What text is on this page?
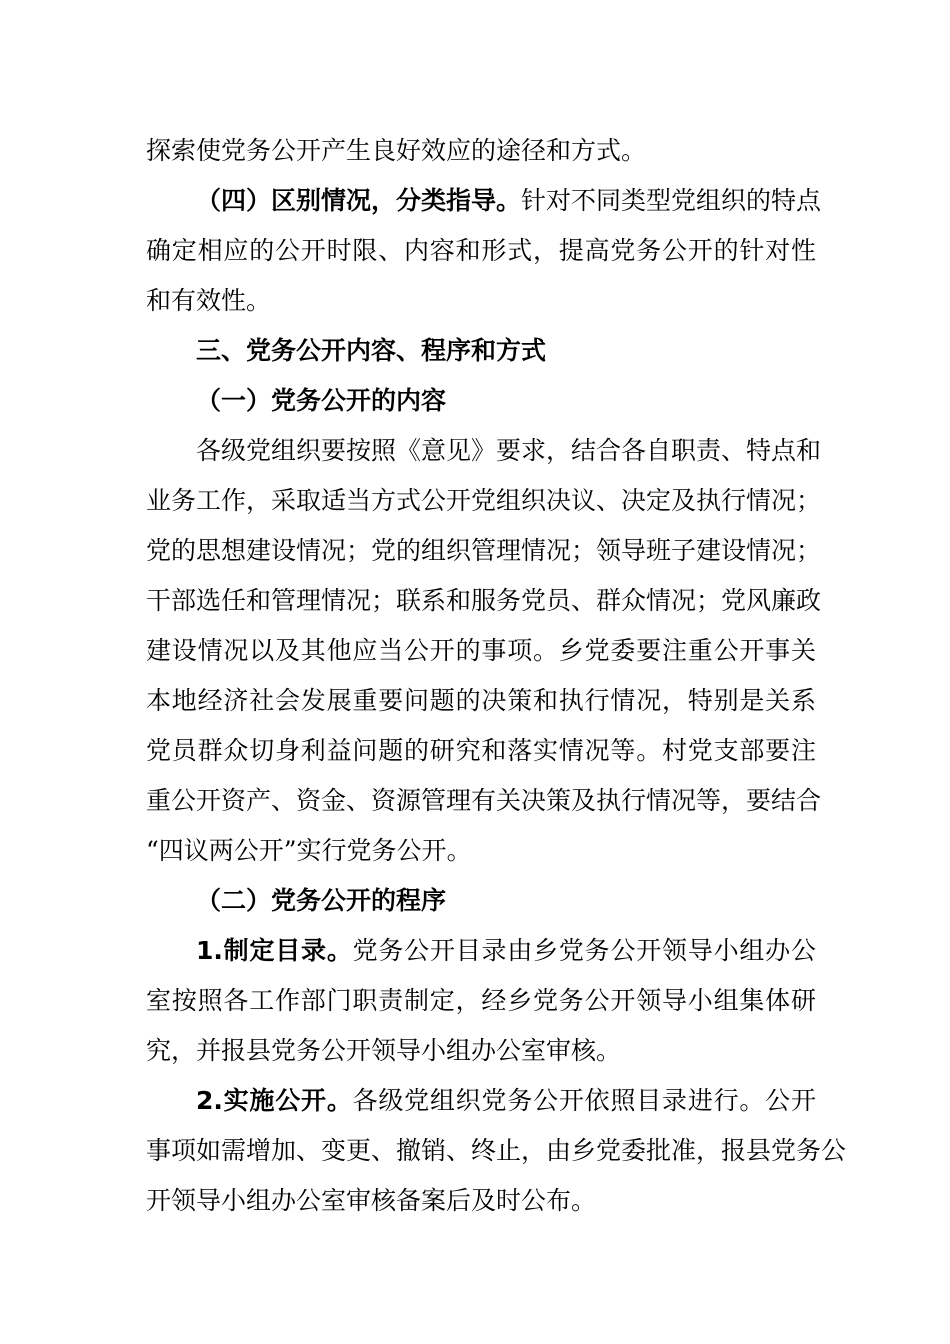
探索使党务公开产生良好效应的途径和方式。
（四）区别情况，分类指导。针对不同类型党组织的特点
确定相应的公开时限、内容和形式，提高党务公开的针对性
和有效性。
三、党务公开内容、程序和方式
（一）党务公开的内容
各级党组织要按照《意见》要求，结合各自职责、特点和
业务工作，采取适当方式公开党组织决议、决定及执行情况；
党的思想建设情况；党的组织管理情况；领导班子建设情况；
干部选任和管理情况；联系和服务党员、群众情况；党风廉政
建设情况以及其他应当公开的事项。乡党委要注重公开事关
本地经济社会发展重要问题的决策和执行情况，特别是关系
党员群众切身利益问题的研究和落实情况等。村党支部要注
重公开资产、资金、资源管理有关决策及执行情况等，要结合
“四议两公开”实行党务公开。
（二）党务公开的程序
1.制定目录。党务公开目录由乡党务公开领导小组办公
室按照各工作部门职责制定，经乡党务公开领导小组集体研
究，并报县党务公开领导小组办公室审核。
2.实施公开。各级党组织党务公开依照目录进行。公开
事项如需增加、变更、撤销、终止，由乡党委批准，报县党务公
开领导小组办公室审核备案后及时公布。
